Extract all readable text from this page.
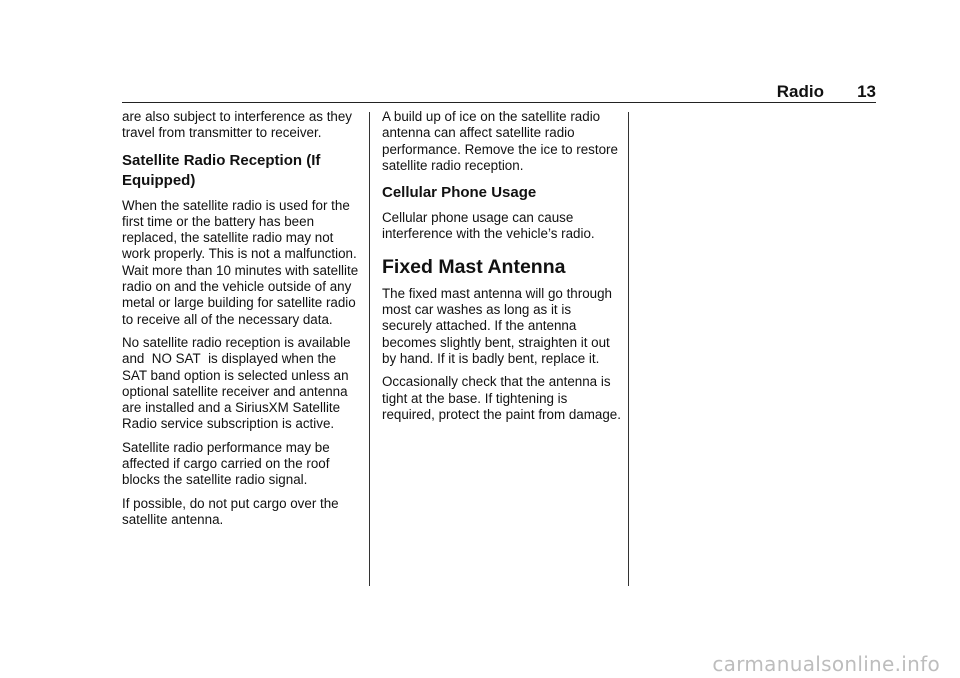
Radio 13

are also subject to interference as they travel from transmitter to receiver.

Satellite Radio Reception (If Equipped)

When the satellite radio is used for the first time or the battery has been replaced, the satellite radio may not work properly. This is not a malfunction. Wait more than 10 minutes with satellite radio on and the vehicle outside of any metal or large building for satellite radio to receive all of the necessary data.

No satellite radio reception is available and  NO SAT  is displayed when the SAT band option is selected unless an optional satellite receiver and antenna are installed and a SiriusXM Satellite Radio service subscription is active.

Satellite radio performance may be affected if cargo carried on the roof blocks the satellite radio signal.

If possible, do not put cargo over the satellite antenna.

A build up of ice on the satellite radio antenna can affect satellite radio performance. Remove the ice to restore satellite radio reception.

Cellular Phone Usage

Cellular phone usage can cause interference with the vehicle’s radio.

Fixed Mast Antenna

The fixed mast antenna will go through most car washes as long as it is securely attached. If the antenna becomes slightly bent, straighten it out by hand. If it is badly bent, replace it.

Occasionally check that the antenna is tight at the base. If tightening is required, protect the paint from damage.

carmanualsonline.info
